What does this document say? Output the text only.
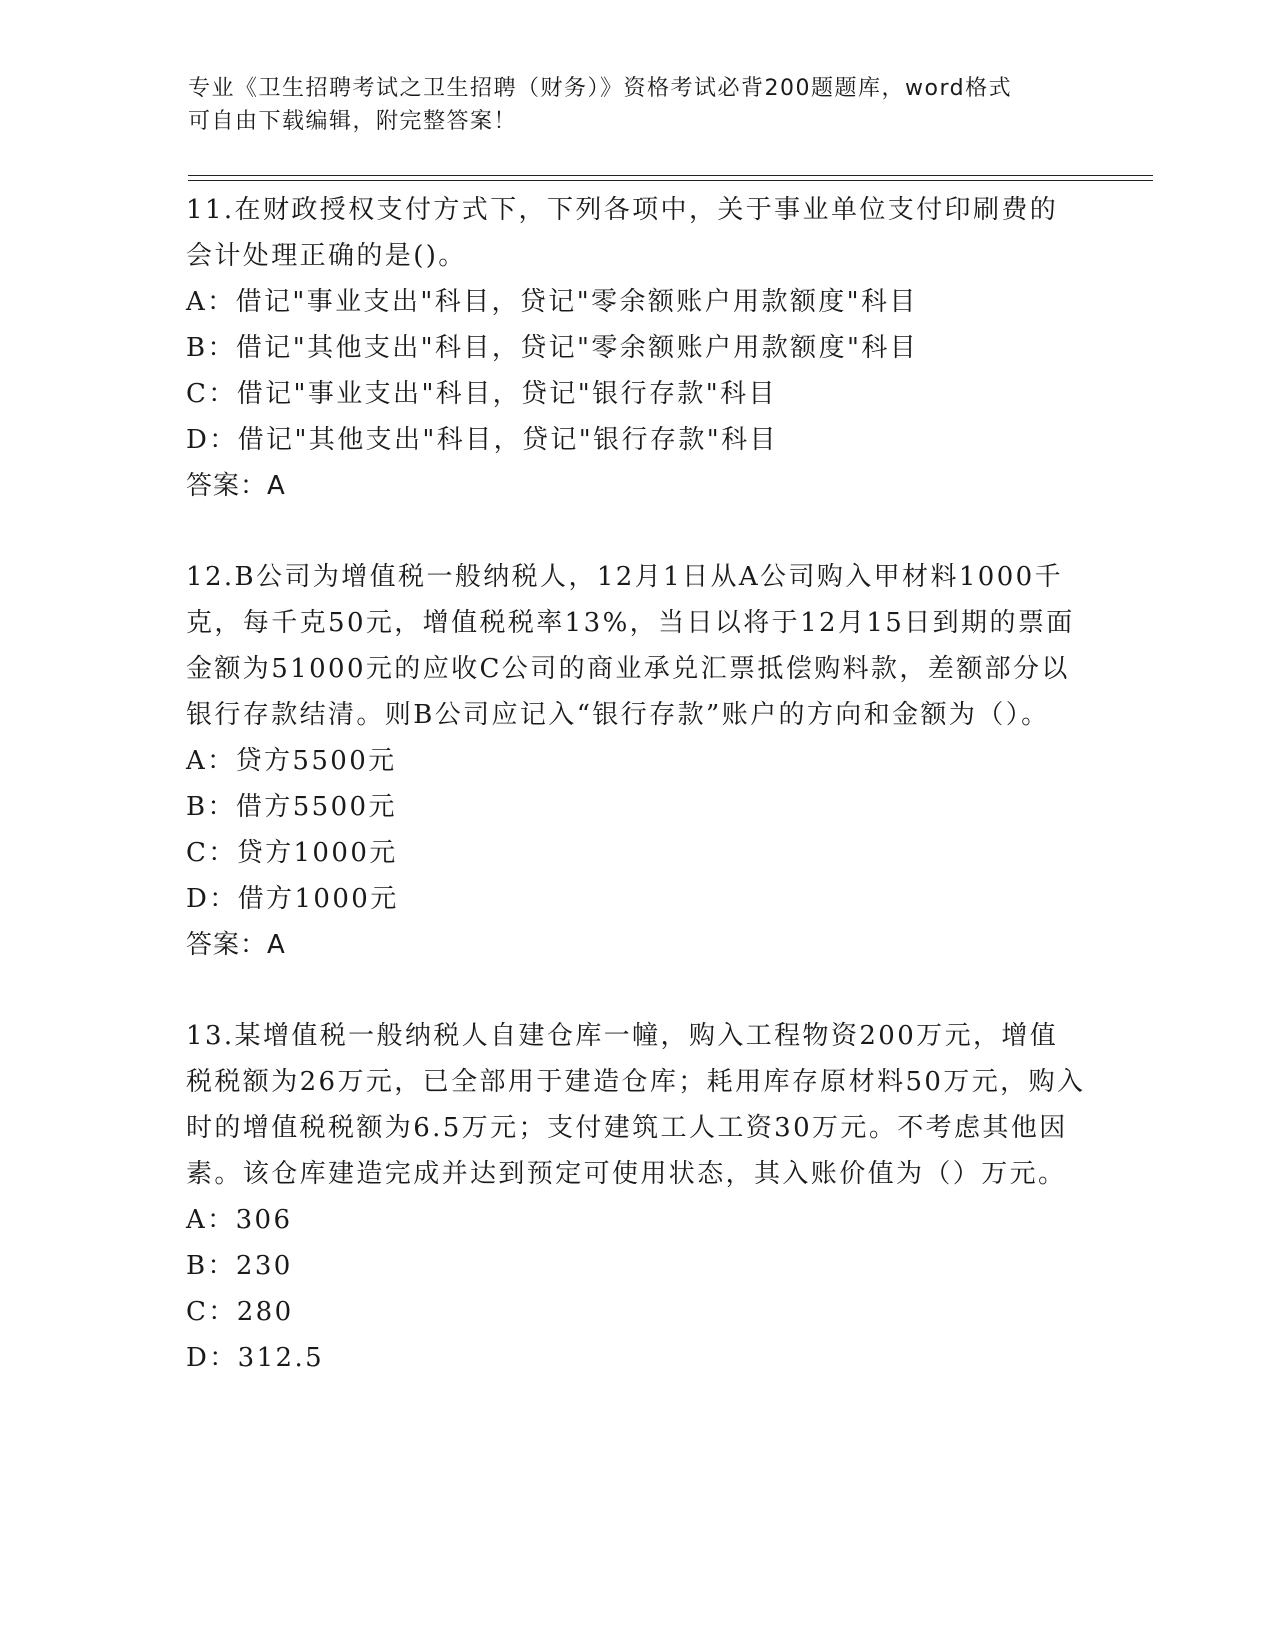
专业《卫生招聘考试之卫生招聘（财务）》资格考试必背200题题库，word格式
可自由下载编辑，附完整答案！

11.在财政授权支付方式下，下列各项中，关于事业单位支付印刷费的会计处理正确的是()。

A：借记"事业支出"科目，贷记"零余额账户用款额度"科目

B：借记"其他支出"科目，贷记"零余额账户用款额度"科目

C：借记"事业支出"科目，贷记"银行存款"科目

D：借记"其他支出"科目，贷记"银行存款"科目

答案：A

12.B公司为增值税一般纳税人，12月1日从A公司购入甲材料1000千克，每千克50元，增值税税率13%，当日以将于12月15日到期的票面金额为51000元的应收C公司的商业承兑汇票抵偿购料款，差额部分以银行存款结清。则B公司应记入“银行存款”账户的方向和金额为（）。

A：贷方5500元

B：借方5500元

C：贷方1000元

D：借方1000元

答案：A

13.某增值税一般纳税人自建仓库一幢，购入工程物资200万元，增值税税额为26万元，已全部用于建造仓库；耗用库存原材料50万元，购入时的增值税税额为6.5万元；支付建筑工人工资30万元。不考虑其他因素。该仓库建造完成并达到预定可使用状态，其入账价值为（）万元。

A：306

B：230

C：280

D：312.5
